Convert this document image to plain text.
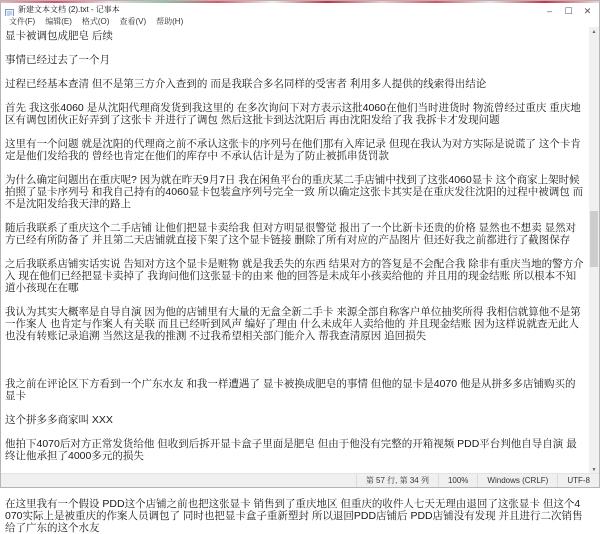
新建文本文档 (2).txt - 记事本	–	☐	✕
文件(F)	编辑(E)	格式(O)	查看(V)	帮助(H)

显卡被调包成肥皂 后续

事情已经过去了一个月

过程已经基本查清 但不是第三方介入查到的 而是我联合多名同样的受害者 利用多人提供的线索得出结论

首先 我这张4060 是从沈阳代理商发货到我这里的 在多次询问下对方表示这批4060在他们当时进货时 物流曾经过重庆 重庆地区有调包团伙正好弄到了这张卡 并进行了调包 然后这批卡到达沈阳后 再由沈阳发给了我 我拆卡才发现问题

这里有一个问题 就是沈阳的代理商之前不承认这张卡的序列号在他们那有入库记录 但现在我认为对方实际是说谎了 这个卡肯定是他们发给我的 曾经也肯定在他们的库存中 不承认估计是为了防止被抓串货罚款

为什么确定问题出在重庆呢? 因为就在昨天9月7日 我在闲鱼平台的重庆某二手店铺中找到了这张4060显卡 这个商家上架时候拍照了显卡序列号 和我自己持有的4060显卡包装盒序列号完全一致 所以确定这张卡其实是在重庆发往沈阳的过程中被调包 而不是沈阳发给我天津的路上

随后我联系了重庆这个二手店铺 让他们把显卡卖给我 但对方明显很警觉 报出了一个比新卡还贵的价格 显然也不想卖 显然对方已经有所防备了 并且第二天店铺就直接下架了这个显卡链接 删除了所有对应的产品图片 但还好我之前都进行了截图保存

之后我联系店铺实话实说 告知对方这个显卡是赃物 就是我丢失的东西 结果对方的答复是不会配合我 除非有重庆当地的警方介入 现在他们已经把显卡卖掉了 我询问他们这张显卡的由来 他的回答是未成年小孩卖给他的 并且用的现金结账 所以根本不知道小孩现在在哪

我认为其实大概率是自导自演 因为他的店铺里有大量的无盒全新二手卡 来源全部自称客户单位抽奖所得 我相信就算他不是第一作案人 也肯定与作案人有关联 而且已经听到风声 编好了理由 什么未成年人卖给他的 并且现金结账 因为这样说就查无此人 也没有转账记录追溯 当然这是我的推测 不过我希望相关部门能介入 帮我查清原因 追回损失

我之前在评论区下方看到一个广东水友 和我一样遭遇了 显卡被换成肥皂的事情 但他的显卡是4070 他是从拼多多店铺购买的显卡

这个拼多多商家叫 XXX

他拍下4070后对方正常发货给他 但收到后拆开显卡盒子里面是肥皂 但由于他没有完整的开箱视频 PDD平台判他自导自演 最终让他承担了4000多元的损失

在这里我有一个假设 PDD这个店铺之前也把这张显卡 销售到了重庆地区 但重庆的收件人七天无理由退回了这张显卡 但这个4070实际上是被重庆的作案人员调包了 同时也把显卡盒子重新塑封 所以退回PDD店铺后 PDD店铺没有发现 并且进行二次销售给了广东的这个水友

▲
▼
第 57 行, 第 34 列	100%	Windows (CRLF)	UTF-8
